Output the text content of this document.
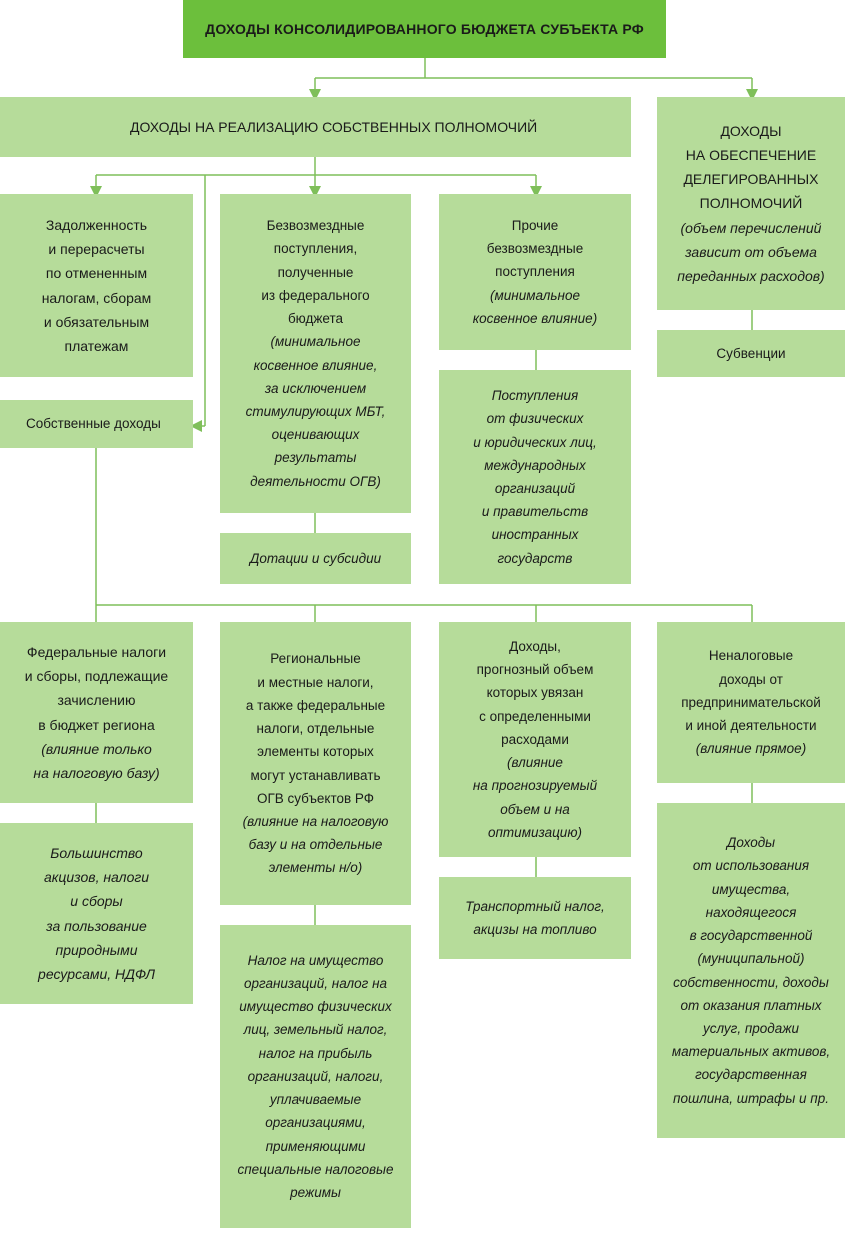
ДОХОДЫ КОНСОЛИДИРОВАННОГО БЮДЖЕТА СУБЪЕКТА РФ
ДОХОДЫ НА РЕАЛИЗАЦИЮ СОБСТВЕННЫХ ПОЛНОМОЧИЙ	ДОХОДЫ
НА ОБЕСПЕЧЕНИЕ
ДЕЛЕГИРОВАННЫХ
ПОЛНОМОЧИЙ
(объем перечислений
зависит от объема
переданных расходов)
Субвенции
Задолженность
и перерасчеты
по отмененным
налогам, сборам
и обязательным
платежам
Собственные доходы
Безвозмездные
поступления,
полученные
из федерального
бюджета
(минимальное
косвенное влияние,
за исключением
стимулирующих МБТ,
оценивающих
результаты
деятельности ОГВ)
Дотации и субсидии
Прочие
безвозмездные
поступления
(минимальное
косвенное влияние)
Поступления
от физических
и юридических лиц,
международных
организаций
и правительств
иностранных
государств
Федеральные налоги
и сборы, подлежащие
зачислению
в бюджет региона
(влияние только
на налоговую базу)
Большинство
акцизов, налоги
и сборы
за пользование
природными
ресурсами, НДФЛ
Региональные
и местные налоги,
а также федеральные
налоги, отдельные
элементы которых
могут устанавливать
ОГВ субъектов РФ
(влияние на налоговую
базу и на отдельные
элементы н/о)
Налог на имущество
организаций, налог на
имущество физических
лиц, земельный налог,
налог на прибыль
организаций, налоги,
уплачиваемые
организациями,
применяющими
специальные налоговые
режимы
Доходы,
прогнозный объем
которых увязан
с определенными
расходами
(влияние
на прогнозируемый
объем и на
оптимизацию)
Транспортный налог,
акцизы на топливо
Неналоговые
доходы от
предпринимательской
и иной деятельности
(влияние прямое)
Доходы
от использования
имущества,
находящегося
в государственной
(муниципальной)
собственности, доходы
от оказания платных
услуг, продажи
материальных активов,
государственная
пошлина, штрафы и пр.
